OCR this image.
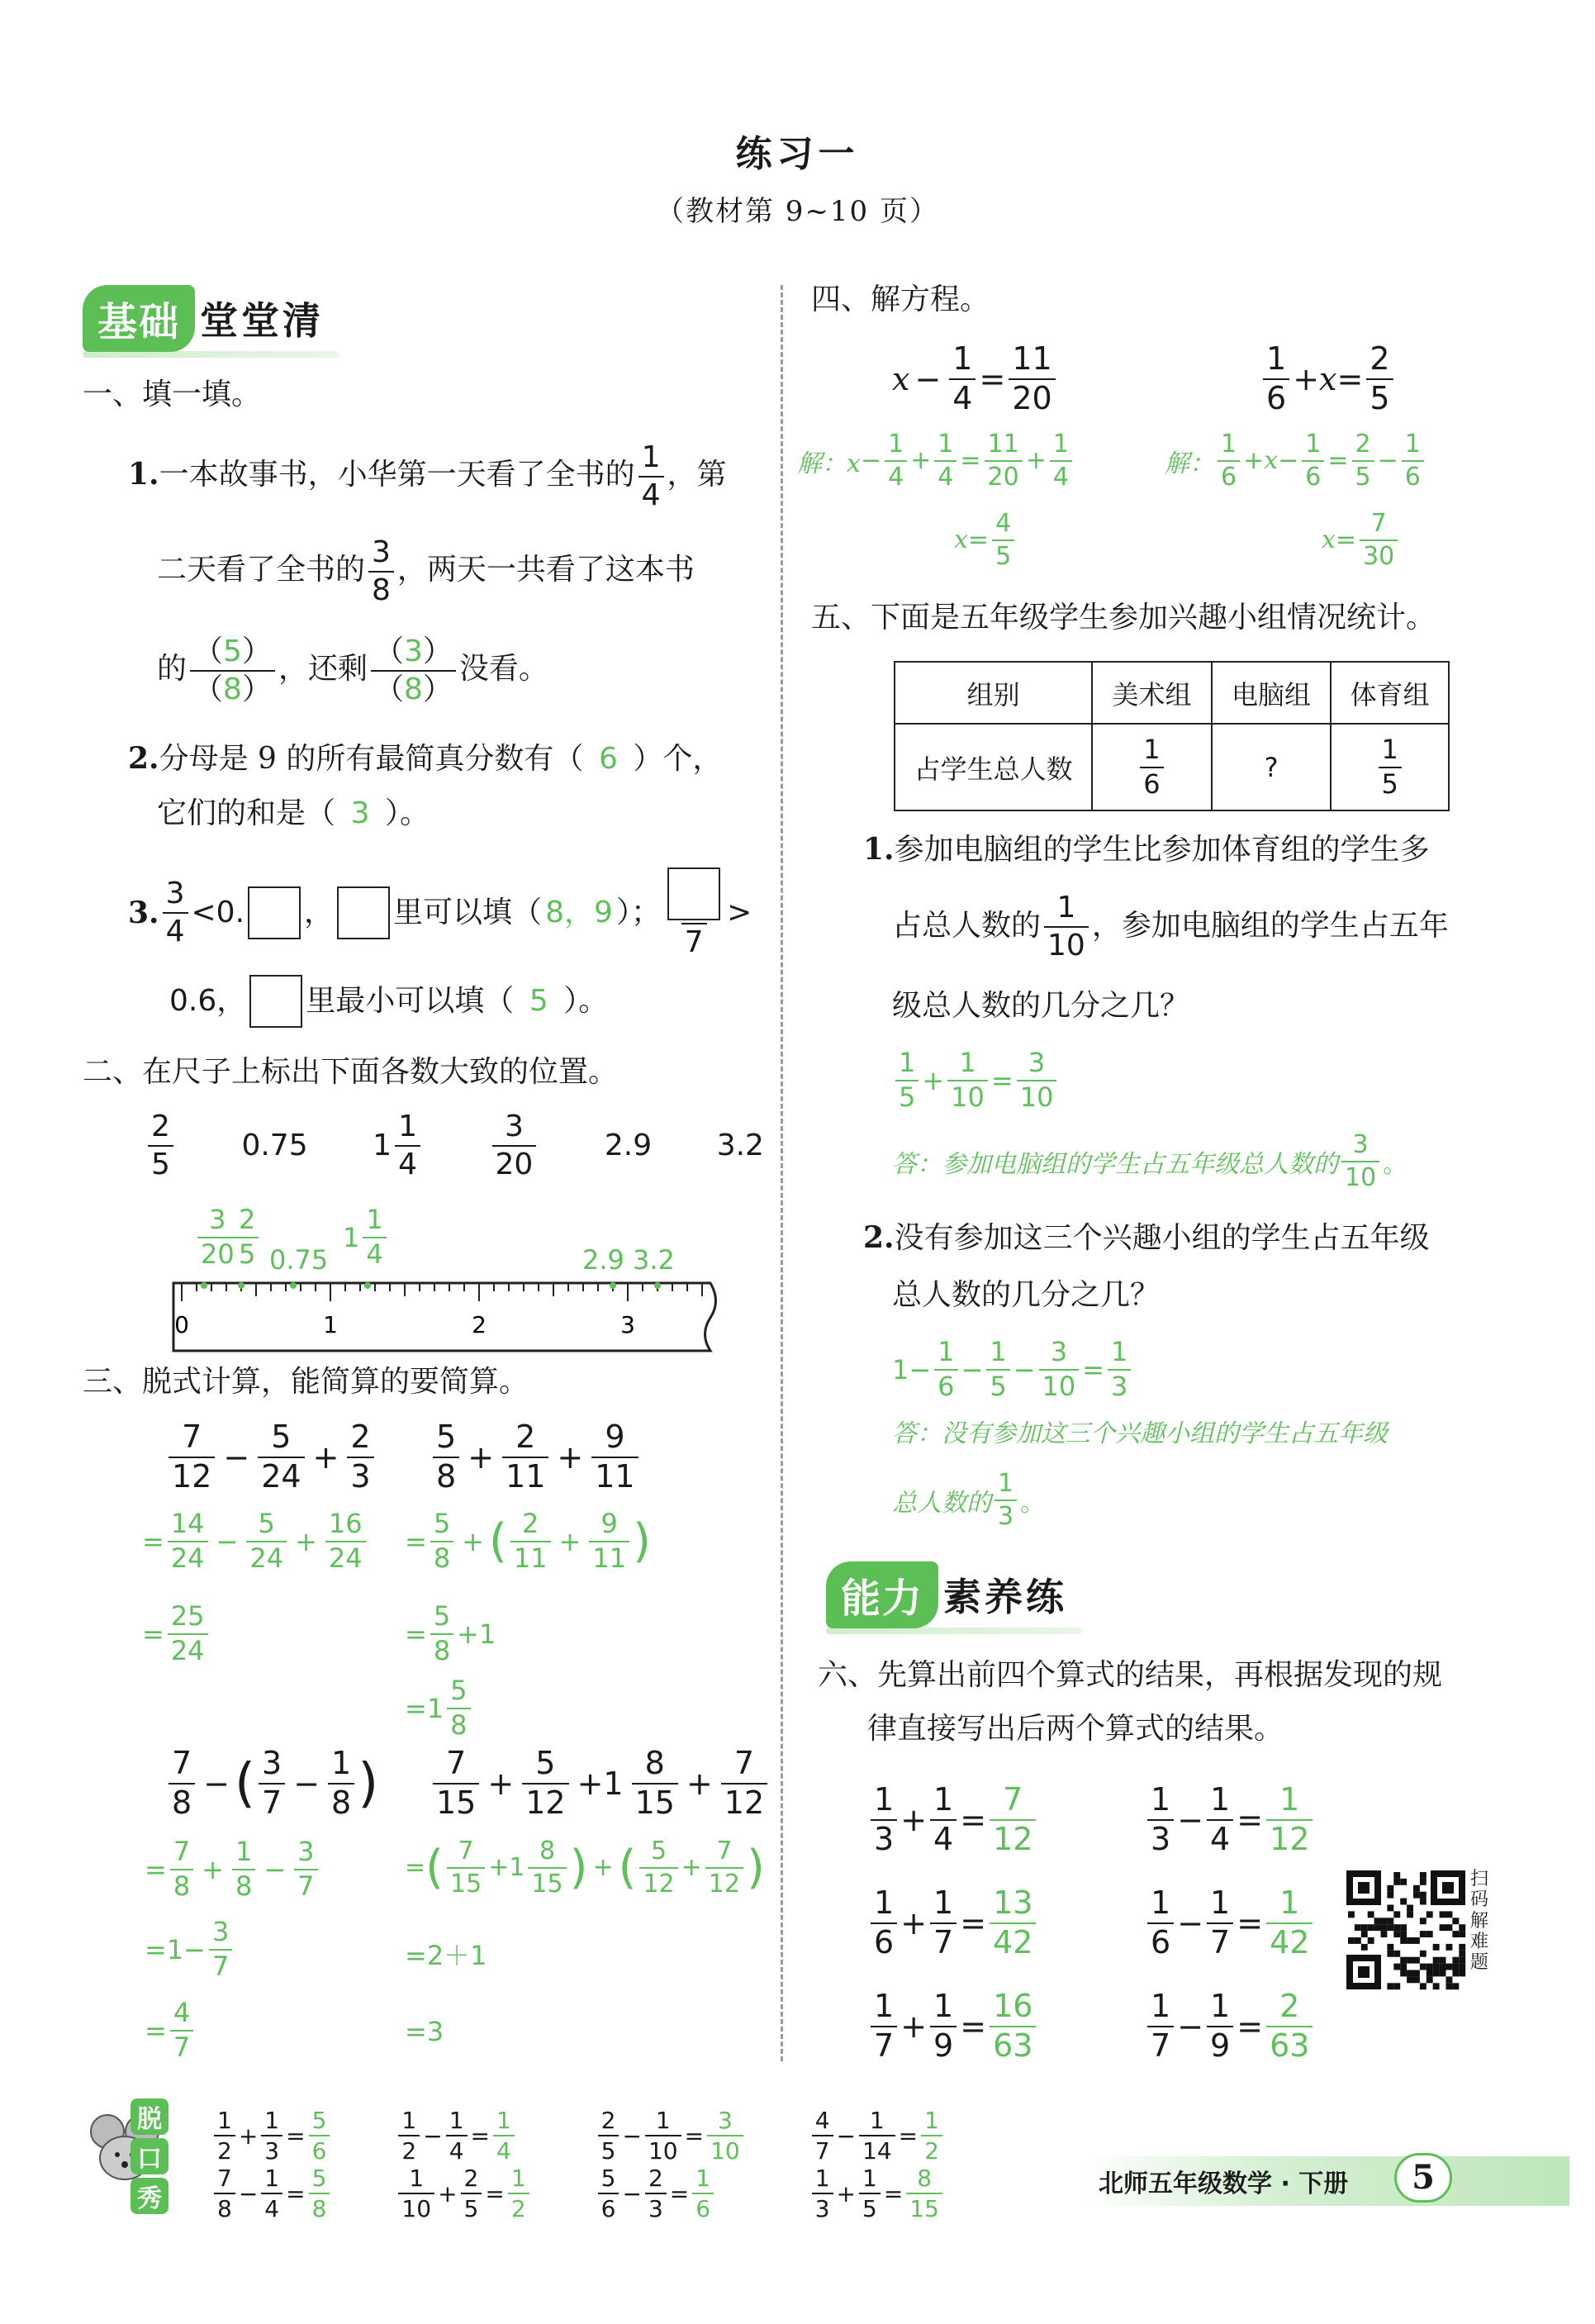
练习一
（教材第 9~10 页）
基础 堂堂清
一、填一填。
1.一本故事书，小华第一天看了全书的 $\frac{1}{4}$ ，第
二天看了全书的 $\frac{3}{8}$ ，两天一共看了这本书
的 $\frac{(5)}{(8)}$ ，还剩 $\frac{(3)}{(8)}$ 没看。
2.分母是 9 的所有最简真分数有（ 6 ）个，
它们的和是（ 3 ）。
3. $\frac{3}{4} <0$. ， 里可以填（ 8，9 ）；
7
>
0.6， 里最小可以填（ 5 ）。
二、在尺子上标出下面各数大致的位置。
$\frac{2}{5} 0.75$ $1 \frac{1}{4} \frac{3}{20} 2.9$ 3.2
$\frac{3}{20}$
$\frac{2}{5} 0.75$
$1 \frac{1}{4}$	2.9 3.2
0	1	2	3
三、脱式计算，能简算的要简算。
$\frac{7}{12} - \frac{5}{24} + \frac{2}{3}$
= $\frac{14}{24} - \frac{5}{24} + \frac{16}{24}$
= $\frac{25}{24}$
$\frac{5}{8} + \frac{2}{11} + \frac{9}{11}$
= $\frac{5}{8}$ + ( $\frac{2}{11} + \frac{9}{11}$ )
= $\frac{5}{8} +1$
= $1 \frac{5}{8}$
$\frac{7}{8}$ − ( $\frac{3}{7} - \frac{1}{8}$ )
= $\frac{7}{8} + \frac{1}{8} - \frac{3}{7}$
= $1- \frac{3}{7}$
= $\frac{4}{7}$
$\frac{7}{15} + \frac{5}{12} +1 \frac{8}{15} + \frac{7}{12}$
= ( $\frac{7}{15} +1 \frac{8}{15}$ ) + ( $\frac{5}{12} + \frac{7}{12}$ )
=2＋1
=3
四、解方程。
$x - \frac{1}{4} = \frac{11}{20}$	$\frac{1}{6} +x = \frac{2}{5}$
解：$x - \frac{1}{4} + \frac{1}{4} = \frac{11}{20} + \frac{1}{4}$
$x= \frac{4}{5}$
解： $\frac{1}{6} +x - \frac{1}{6} = \frac{2}{5} - \frac{1}{6}$
$x= \frac{7}{30}$
五、下面是五年级学生参加兴趣小组情况统计。
组别	美术组	电脑组	体育组
占学生总人数	$\frac{1}{6}$	?	$\frac{1}{5}$
1.参加电脑组的学生比参加体育组的学生多
占总人数的 $\frac{1}{10}$ ，参加电脑组的学生占五年
级总人数的几分之几？
$\frac{1}{5} + \frac{1}{10} = \frac{3}{10}$
答：参加电脑组的学生占五年级总人数的 $\frac{3}{10}$ 。
2.没有参加这三个兴趣小组的学生占五年级
总人数的几分之几？
$1- \frac{1}{6} - \frac{1}{5} - \frac{3}{10} = \frac{1}{3}$
答：没有参加这三个兴趣小组的学生占五年级
总人数的 $\frac{1}{3}$ 。
能力 素养练
六、先算出前四个算式的结果，再根据发现的规
律直接写出后两个算式的结果。
$\frac{1}{3} + \frac{1}{4} = \frac{7}{12}$
$\frac{1}{6} + \frac{1}{7} = \frac{13}{42}$
$\frac{1}{7} + \frac{1}{9} = \frac{16}{63}$
$\frac{1}{3} - \frac{1}{4} = \frac{1}{12}$
$\frac{1}{6} - \frac{1}{7} = \frac{1}{42}$
$\frac{1}{7} - \frac{1}{9} = \frac{2}{63}$
扫码解难题
脱
口
秀
$\frac{1}{2} + \frac{1}{3} = \frac{5}{6}$
$\frac{7}{8} - \frac{1}{4} = \frac{5}{8}$
$\frac{1}{2} - \frac{1}{4} = \frac{1}{4}$
$\frac{1}{10} + \frac{2}{5} = \frac{1}{2}$
$\frac{2}{5} - \frac{1}{10} = \frac{3}{10}$
$\frac{5}{6} - \frac{2}{3} = \frac{1}{6}$
$\frac{4}{7} - \frac{1}{14} = \frac{1}{2}$
$\frac{1}{3} + \frac{1}{5} = \frac{8}{15}$	北师五年级数学 · 下册	5
